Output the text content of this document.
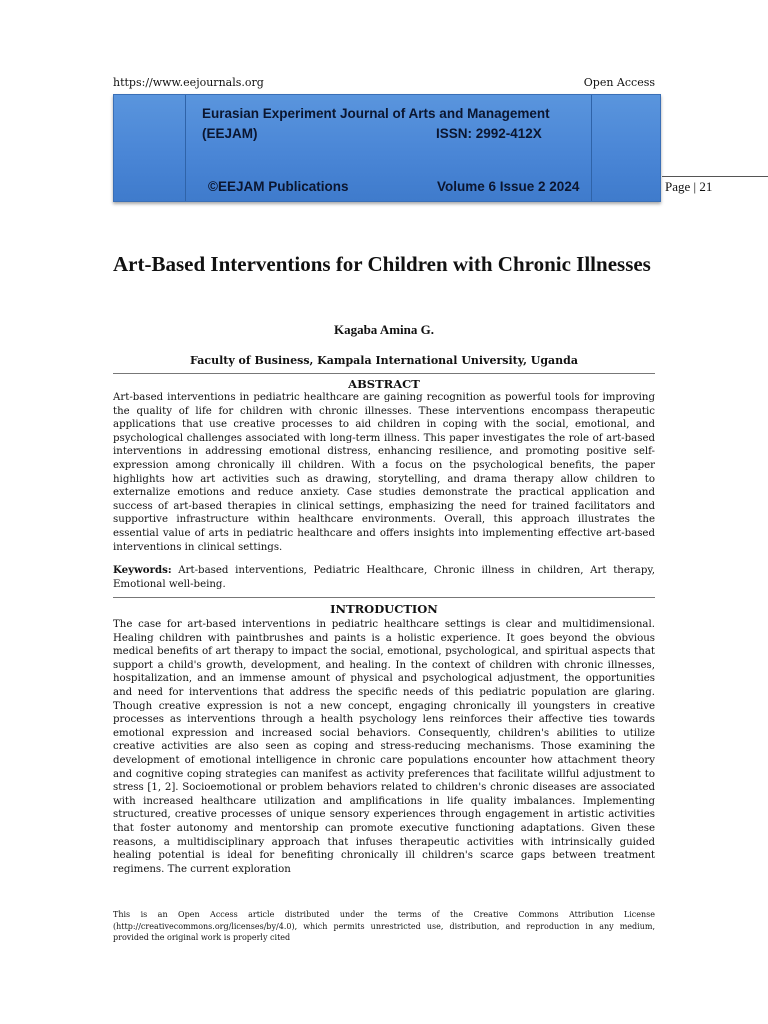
https://www.eejournals.org	Open Access
Eurasian Experiment Journal of Arts and Management
(EEJAM)	ISSN: 2992-412X
©EEJAM Publications	Volume 6 Issue 2 2024	Page | 21
Art-Based Interventions for Children with Chronic Illnesses
Kagaba Amina G.
Faculty of Business, Kampala International University, Uganda
ABSTRACT
Art-based interventions in pediatric healthcare are gaining recognition as powerful tools for improving the quality of life for children with chronic illnesses. These interventions encompass therapeutic applications that use creative processes to aid children in coping with the social, emotional, and psychological challenges associated with long-term illness. This paper investigates the role of art-based interventions in addressing emotional distress, enhancing resilience, and promoting positive self-expression among chronically ill children. With a focus on the psychological benefits, the paper highlights how art activities such as drawing, storytelling, and drama therapy allow children to externalize emotions and reduce anxiety. Case studies demonstrate the practical application and success of art-based therapies in clinical settings, emphasizing the need for trained facilitators and supportive infrastructure within healthcare environments. Overall, this approach illustrates the essential value of arts in pediatric healthcare and offers insights into implementing effective art-based interventions in clinical settings.
Keywords: Art-based interventions, Pediatric Healthcare, Chronic illness in children, Art therapy, Emotional well-being.
INTRODUCTION
The case for art-based interventions in pediatric healthcare settings is clear and multidimensional. Healing children with paintbrushes and paints is a holistic experience. It goes beyond the obvious medical benefits of art therapy to impact the social, emotional, psychological, and spiritual aspects that support a child's growth, development, and healing. In the context of children with chronic illnesses, hospitalization, and an immense amount of physical and psychological adjustment, the opportunities and need for interventions that address the specific needs of this pediatric population are glaring. Though creative expression is not a new concept, engaging chronically ill youngsters in creative processes as interventions through a health psychology lens reinforces their affective ties towards emotional expression and increased social behaviors. Consequently, children's abilities to utilize creative activities are also seen as coping and stress-reducing mechanisms. Those examining the development of emotional intelligence in chronic care populations encounter how attachment theory and cognitive coping strategies can manifest as activity preferences that facilitate willful adjustment to stress [1, 2]. Socioemotional or problem behaviors related to children's chronic diseases are associated with increased healthcare utilization and amplifications in life quality imbalances. Implementing structured, creative processes of unique sensory experiences through engagement in artistic activities that foster autonomy and mentorship can promote executive functioning adaptations. Given these reasons, a multidisciplinary approach that infuses therapeutic activities with intrinsically guided healing potential is ideal for benefiting chronically ill children's scarce gaps between treatment regimens. The current exploration
This is an Open Access article distributed under the terms of the Creative Commons Attribution License (http://creativecommons.org/licenses/by/4.0), which permits unrestricted use, distribution, and reproduction in any medium, provided the original work is properly cited
